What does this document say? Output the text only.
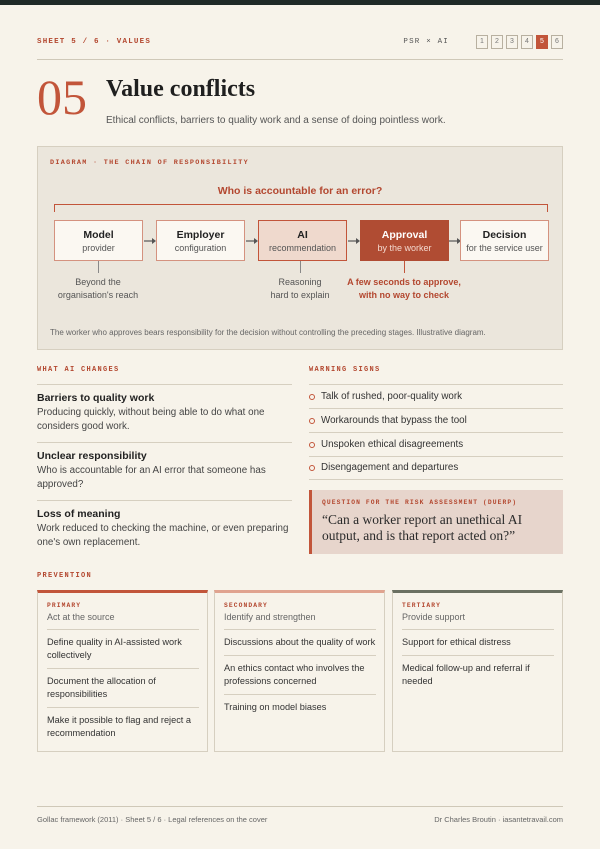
SHEET 5 / 6 · VALUES	PSR × AI	1	2	3	4	5	6
05 Value conflicts
Ethical conflicts, barriers to quality work and a sense of doing pointless work.
DIAGRAM · THE CHAIN OF RESPONSIBILITY
Who is accountable for an error?
Model
provider
Employer
configuration
AI
recommendation
Approval
by the worker
Decision
for the service user
Beyond the
organisation's reach
Reasoning
hard to explain
A few seconds to approve,
with no way to check
The worker who approves bears responsibility for the decision without controlling the preceding stages. Illustrative diagram.
WHAT AI CHANGES
Barriers to quality work
Producing quickly, without being able to do what one considers good work.
Unclear responsibility
Who is accountable for an AI error that someone has approved?
Loss of meaning
Work reduced to checking the machine, or even preparing one's own replacement.
WARNING SIGNS
Talk of rushed, poor-quality work
Workarounds that bypass the tool
Unspoken ethical disagreements
Disengagement and departures
QUESTION FOR THE RISK ASSESSMENT (DUERP)
“Can a worker report an unethical AI output, and is that report acted on?”
PREVENTION
PRIMARY
Act at the source
Define quality in AI-assisted work collectively
Document the allocation of responsibilities
Make it possible to flag and reject a recommendation
SECONDARY
Identify and strengthen
Discussions about the quality of work
An ethics contact who involves the professions concerned
Training on model biases
TERTIARY
Provide support
Support for ethical distress
Medical follow-up and referral if needed
Gollac framework (2011) · Sheet 5 / 6 · Legal references on the cover	Dr Charles Broutin · iasantetravail.com
